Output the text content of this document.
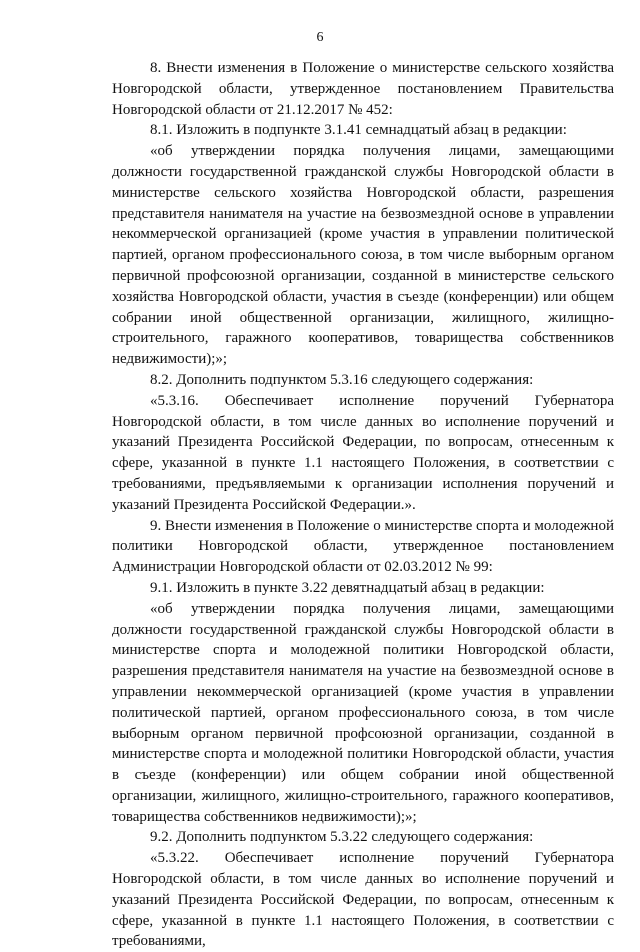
6

8. Внести изменения в Положение о министерстве сельского хозяйства Новгородской области, утвержденное постановлением Правительства Новгородской области от 21.12.2017 № 452:

8.1. Изложить в подпункте 3.1.41 семнадцатый абзац в редакции:

«об утверждении порядка получения лицами, замещающими должности государственной гражданской службы Новгородской области в министерстве сельского хозяйства Новгородской области, разрешения представителя нанимателя на участие на безвозмездной основе в управлении некоммерческой организацией (кроме участия в управлении политической партией, органом профессионального союза, в том числе выборным органом первичной профсоюзной организации, созданной в министерстве сельского хозяйства Новгородской области, участия в съезде (конференции) или общем собрании иной общественной организации, жилищного, жилищно-строительного, гаражного кооперативов, товарищества собственников недвижимости);»;

8.2. Дополнить подпунктом 5.3.16 следующего содержания:

«5.3.16. Обеспечивает исполнение поручений Губернатора Новгородской области, в том числе данных во исполнение поручений и указаний Президента Российской Федерации, по вопросам, отнесенным к сфере, указанной в пункте 1.1 настоящего Положения, в соответствии с требованиями, предъявляемыми к организации исполнения поручений и указаний Президента Российской Федерации.».

9. Внести изменения в Положение о министерстве спорта и молодежной политики Новгородской области, утвержденное постановлением Администрации Новгородской области от 02.03.2012 № 99:

9.1. Изложить в пункте 3.22 девятнадцатый абзац в редакции:

«об утверждении порядка получения лицами, замещающими должности государственной гражданской службы Новгородской области в министерстве спорта и молодежной политики Новгородской области, разрешения представителя нанимателя на участие на безвозмездной основе в управлении некоммерческой организацией (кроме участия в управлении политической партией, органом профессионального союза, в том числе выборным органом первичной профсоюзной организации, созданной в министерстве спорта и молодежной политики Новгородской области, участия в съезде (конференции) или общем собрании иной общественной организации, жилищного, жилищно-строительного, гаражного кооперативов, товарищества собственников недвижимости);»;

9.2. Дополнить подпунктом 5.3.22 следующего содержания:

«5.3.22. Обеспечивает исполнение поручений Губернатора Новгородской области, в том числе данных во исполнение поручений и указаний Президента Российской Федерации, по вопросам, отнесенным к сфере, указанной в пункте 1.1 настоящего Положения, в соответствии с требованиями,
